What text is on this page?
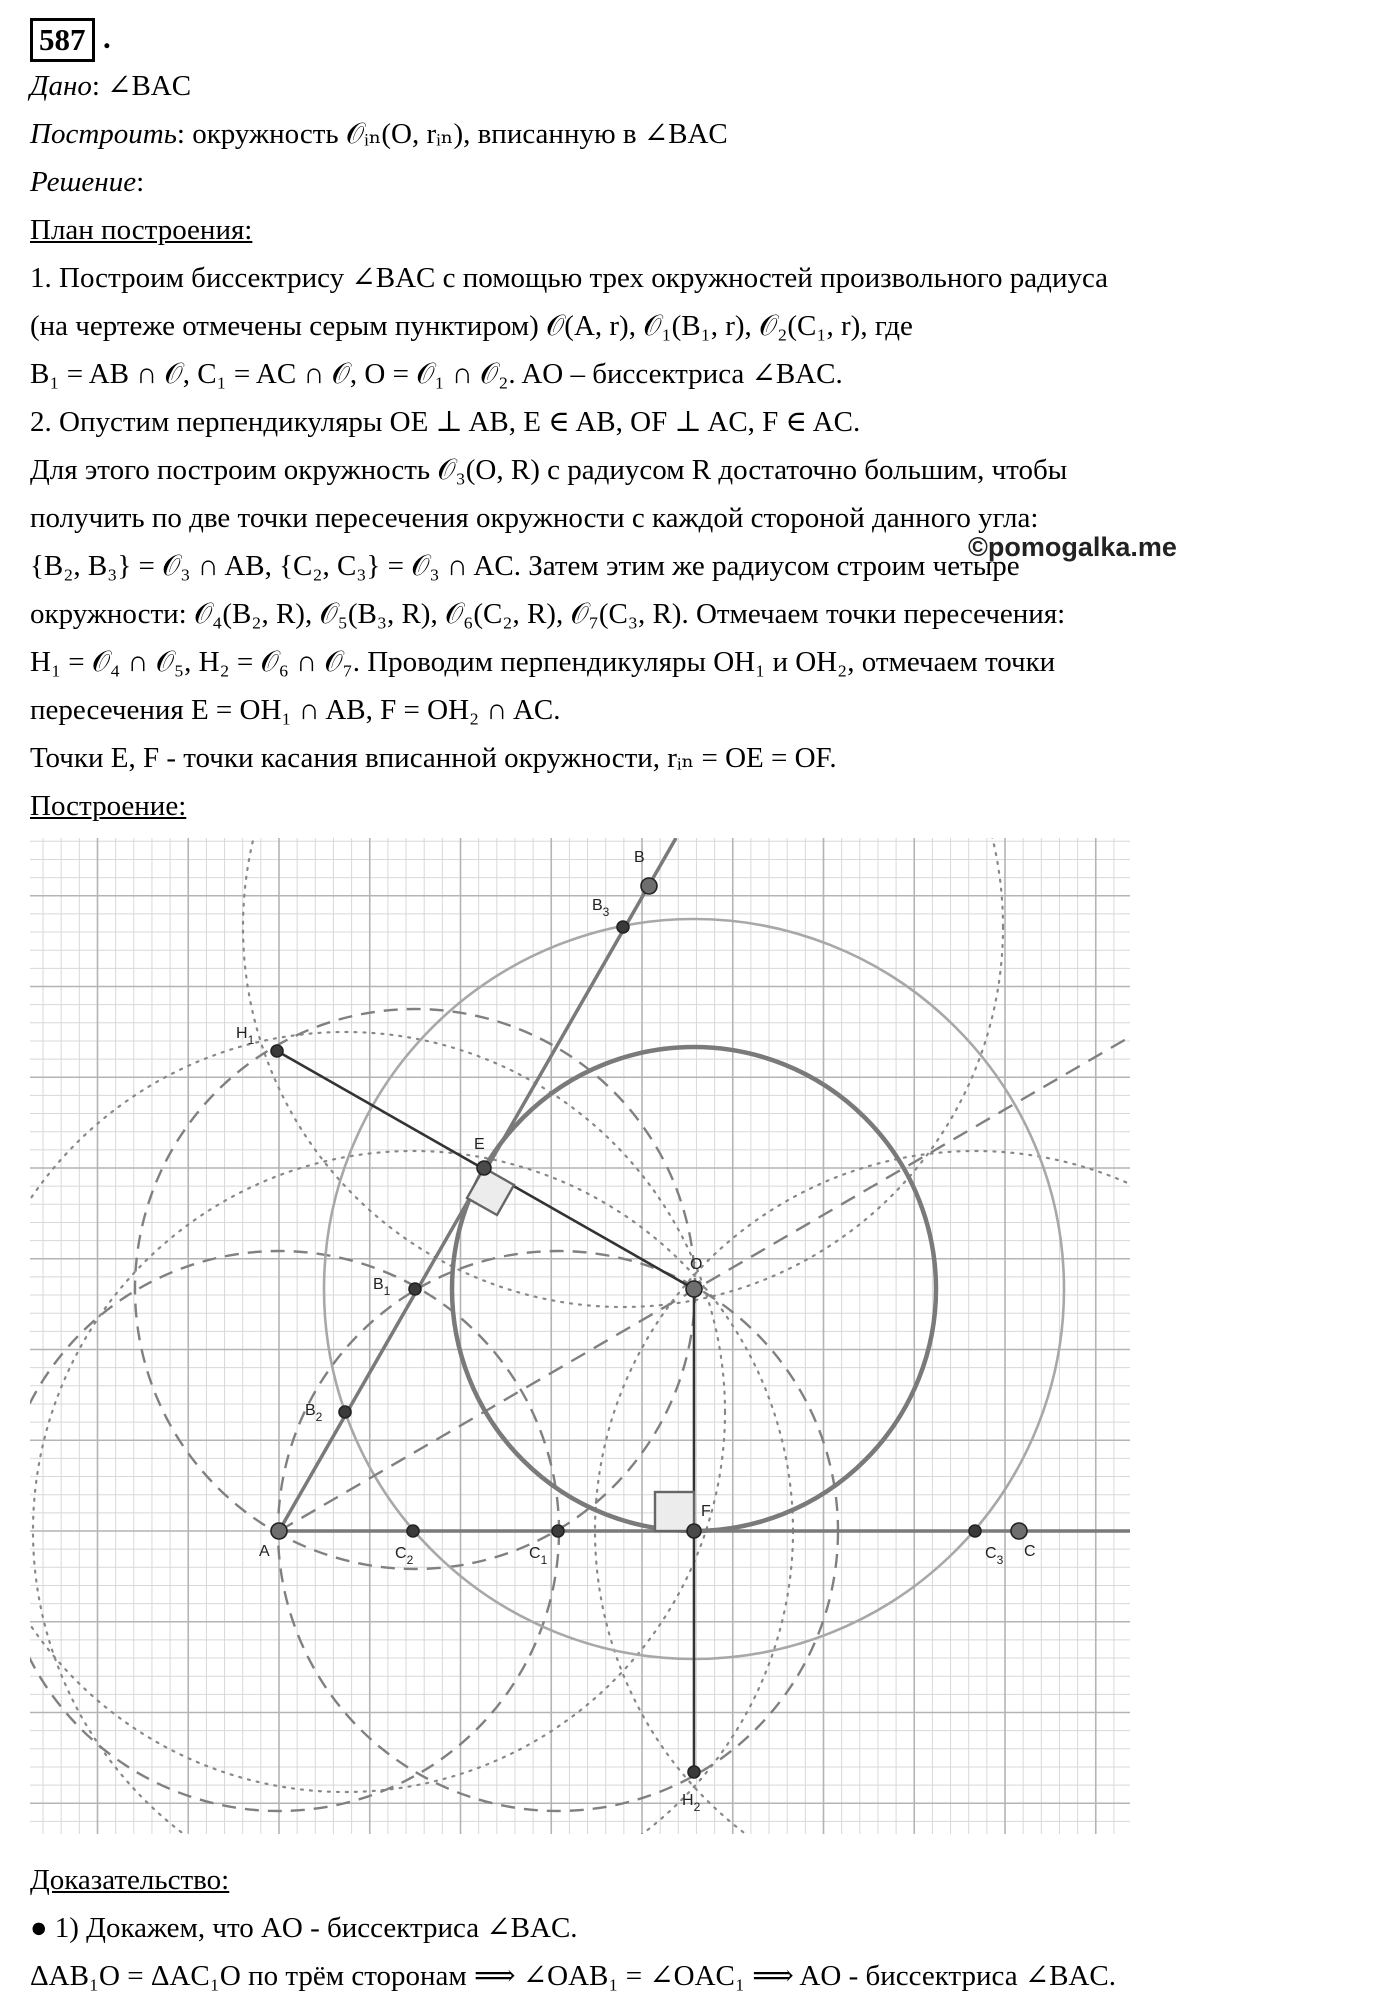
587 .
Дано: ∠BAC
Построить: окружность 𝒪ᵢₙ(O, rᵢₙ), вписанную в ∠BAC
Решение:
План построения:
1. Построим биссектрису ∠BAC с помощью трех окружностей произвольного радиуса
(на чертеже отмечены серым пунктиром) 𝒪(A, r), 𝒪₁(B₁, r), 𝒪₂(C₁, r), где
B₁ = AB ∩ 𝒪, C₁ = AC ∩ 𝒪, O = 𝒪₁ ∩ 𝒪₂. AO – биссектриса ∠BAC.
2. Опустим перпендикуляры OE ⊥ AB, E ∈ AB, OF ⊥ AC, F ∈ AC.
Для этого построим окружность 𝒪₃(O, R) с радиусом R достаточно большим, чтобы
получить по две точки пересечения окружности с каждой стороной данного угла:
{B₂, B₃} = 𝒪₃ ∩ AB, {C₂, C₃} = 𝒪₃ ∩ AC. Затем этим же радиусом строим четыре
окружности: 𝒪₄(B₂, R), 𝒪₅(B₃, R), 𝒪₆(C₂, R), 𝒪₇(C₃, R). Отмечаем точки пересечения:
H₁ = 𝒪₄ ∩ 𝒪₅, H₂ = 𝒪₆ ∩ 𝒪₇. Проводим перпендикуляры OH₁ и OH₂, отмечаем точки
пересечения E = OH₁ ∩ AB, F = OH₂ ∩ AC.
Точки E, F - точки касания вписанной окружности, rᵢₙ = OE = OF.
©pomogalka.me
Построение:
A
B
C
O
E
F
$B_1$
$B_2$
$B_3$
$C_1$
$C_2$	$C_3$
$H_1$
$H_2$
Доказательство:
● 1) Докажем, что AO - биссектриса ∠BAC.
ΔAB₁O = ΔAC₁O по трём сторонам ⟹ ∠OAB₁ = ∠OAC₁ ⟹ AO - биссектриса ∠BAC.
